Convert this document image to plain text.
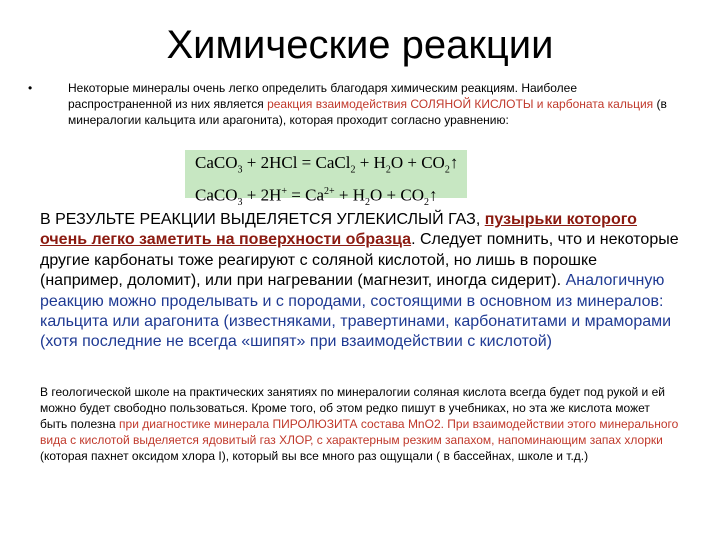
Химические реакции
•	Некоторые минералы очень легко определить благодаря химическим реакциям. Наиболее распространенной из них является реакция взаимодействия СОЛЯНОЙ КИСЛОТЫ и карбоната кальция (в минералогии кальцита или арагонита), которая проходит согласно уравнению:
CaCO$_3$ + 2HCl = CaCl$_2$ + $H_2O$ + $CO_2↑$
CaCO$_3$ + $2H^+ = Ca^{2+} + H_2O$ + $CO_2↑$
В РЕЗУЛЬТЕ РЕАКЦИИ ВЫДЕЛЯЕТСЯ УГЛЕКИСЛЫЙ ГАЗ, пузырьки которого очень легко заметить на поверхности образца. Следует помнить, что и некоторые другие карбонаты тоже реагируют с соляной кислотой, но лишь в порошке (например, доломит), или при нагревании (магнезит, иногда сидерит). Аналогичную реакцию можно проделывать и с породами, состоящими в основном из минералов: кальцита или арагонита (известняками, травертинами, карбонатитами и мраморами (хотя последние не всегда «шипят» при взаимодействии с кислотой)
В геологической школе на практических занятиях по минералогии соляная кислота всегда будет под рукой и ей можно будет свободно пользоваться. Кроме того, об этом редко пишут в учебниках, но эта же кислота может быть полезна при диагностике минерала ПИРОЛЮЗИТА состава MnO2. При взаимодействии этого минерального вида с кислотой выделяется ядовитый газ ХЛОР, с характерным резким запахом, напоминающим запах хлорки (которая пахнет оксидом хлора I), который вы все много раз ощущали ( в бассейнах, школе и т.д.)
